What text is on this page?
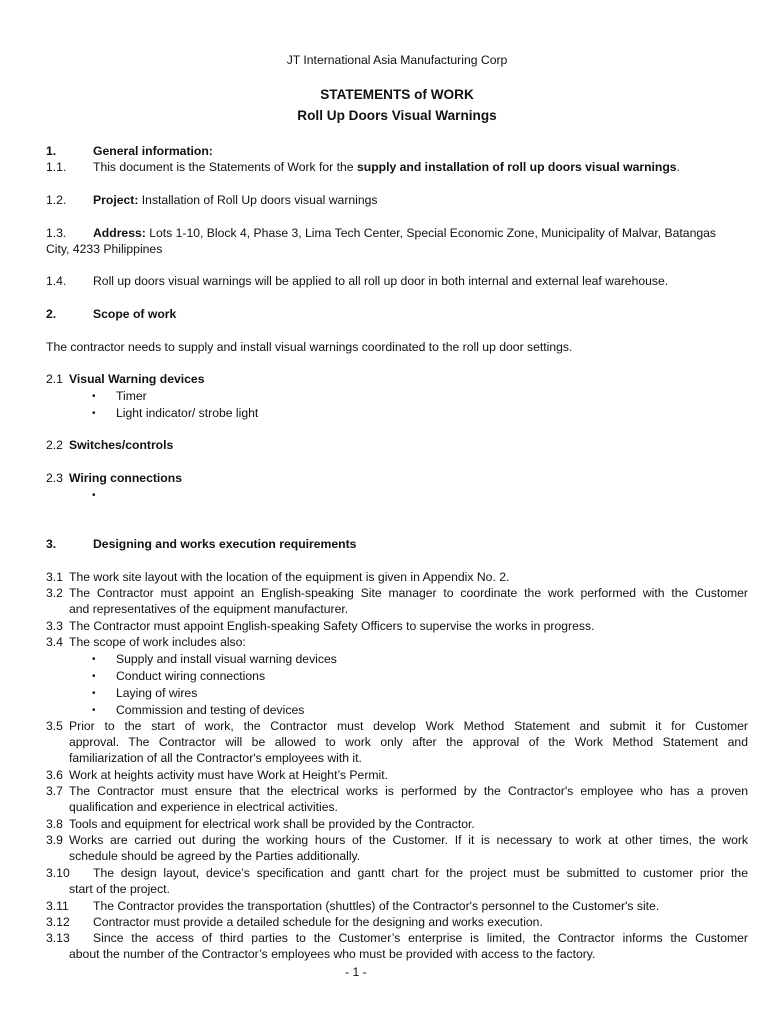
JT International Asia Manufacturing Corp
STATEMENTS of WORK
Roll Up Doors Visual Warnings
1.	General information:
1.1. This document is the Statements of Work for the supply and installation of roll up doors visual warnings.
1.2. Project: Installation of Roll Up doors visual warnings
1.3. Address: Lots 1-10, Block 4, Phase 3, Lima Tech Center, Special Economic Zone, Municipality of Malvar, Batangas
City, 4233 Philippines
1.4. Roll up doors visual warnings will be applied to all roll up door in both internal and external leaf warehouse.
2.	Scope of work
The contractor needs to supply and install visual warnings coordinated to the roll up door settings.
2.1 Visual Warning devices
• Timer
• Light indicator/ strobe light
2.2 Switches/controls
2.3 Wiring connections
•
3.	Designing and works execution requirements
3.1 The work site layout with the location of the equipment is given in Appendix No. 2.
3.2 The Contractor must appoint an English-speaking Site manager to coordinate the work performed with the Customer
and representatives of the equipment manufacturer.
3.3 The Contractor must appoint English-speaking Safety Officers to supervise the works in progress.
3.4 The scope of work includes also:
• Supply and install visual warning devices
• Conduct wiring connections
• Laying of wires
• Commission and testing of devices
3.5 Prior to the start of work, the Contractor must develop Work Method Statement and submit it for Customer
approval. The Contractor will be allowed to work only after the approval of the Work Method Statement and
familiarization of all the Contractor's employees with it.
3.6 Work at heights activity must have Work at Height’s Permit.
3.7 The Contractor must ensure that the electrical works is performed by the Contractor's employee who has a proven
qualification and experience in electrical activities.
3.8 Tools and equipment for electrical work shall be provided by the Contractor.
3.9 Works are carried out during the working hours of the Customer. If it is necessary to work at other times, the work
schedule should be agreed by the Parties additionally.
3.10 The design layout, device’s specification and gantt chart for the project must be submitted to customer prior the
start of the project.
3.11 The Contractor provides the transportation (shuttles) of the Contractor's personnel to the Customer's site.
3.12 Contractor must provide a detailed schedule for the designing and works execution.
3.13 Since the access of third parties to the Customer’s enterprise is limited, the Contractor informs the Customer
about the number of the Contractor’s employees who must be provided with access to the factory.
- 1 -
